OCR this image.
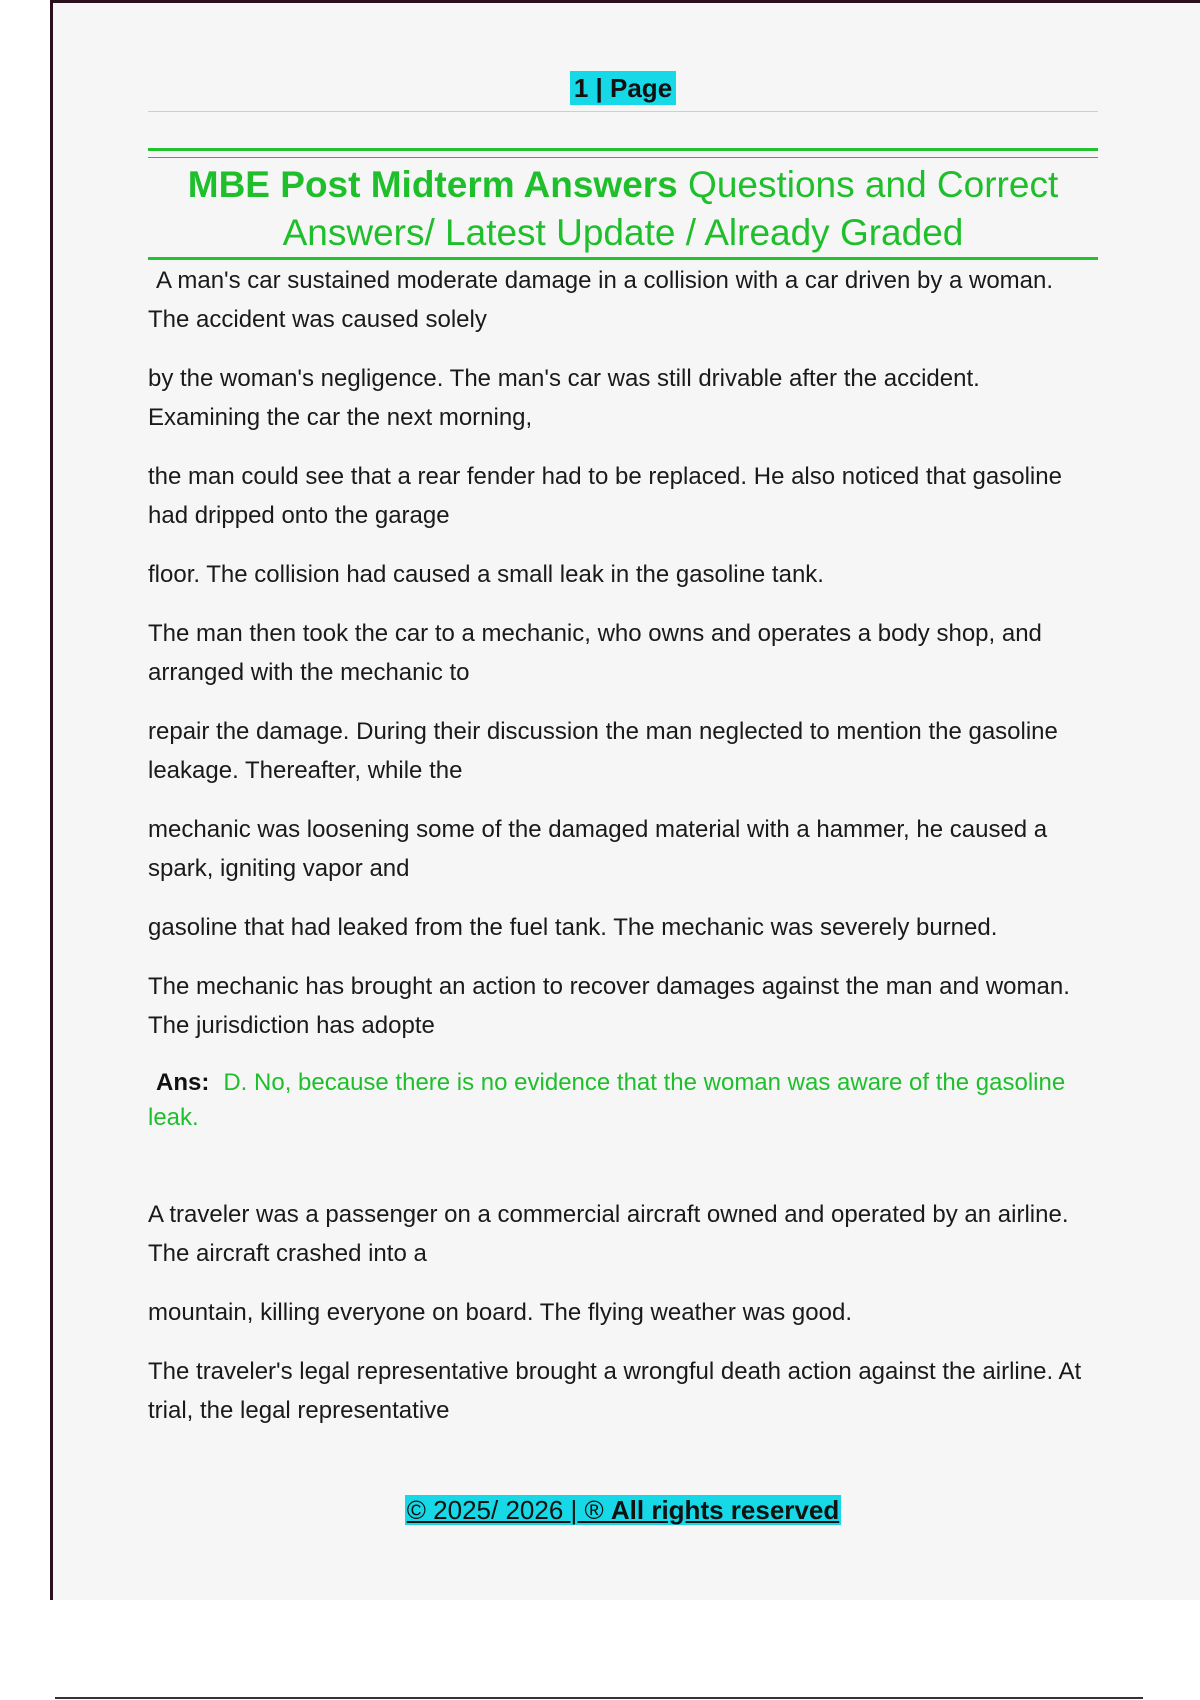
1 | Page
MBE Post Midterm Answers Questions and Correct Answers/ Latest Update / Already Graded

A man's car sustained moderate damage in a collision with a car driven by a woman. The accident was caused solely

by the woman's negligence. The man's car was still drivable after the accident. Examining the car the next morning,

the man could see that a rear fender had to be replaced. He also noticed that gasoline had dripped onto the garage

floor. The collision had caused a small leak in the gasoline tank.

The man then took the car to a mechanic, who owns and operates a body shop, and arranged with the mechanic to

repair the damage. During their discussion the man neglected to mention the gasoline leakage. Thereafter, while the

mechanic was loosening some of the damaged material with a hammer, he caused a spark, igniting vapor and

gasoline that had leaked from the fuel tank. The mechanic was severely burned.

The mechanic has brought an action to recover damages against the man and woman. The jurisdiction has adopte

Ans: D. No, because there is no evidence that the woman was aware of the gasoline leak.

A traveler was a passenger on a commercial aircraft owned and operated by an airline. The aircraft crashed into a

mountain, killing everyone on board. The flying weather was good.

The traveler's legal representative brought a wrongful death action against the airline. At trial, the legal representative

© 2025/ 2026 | ® All rights reserved
